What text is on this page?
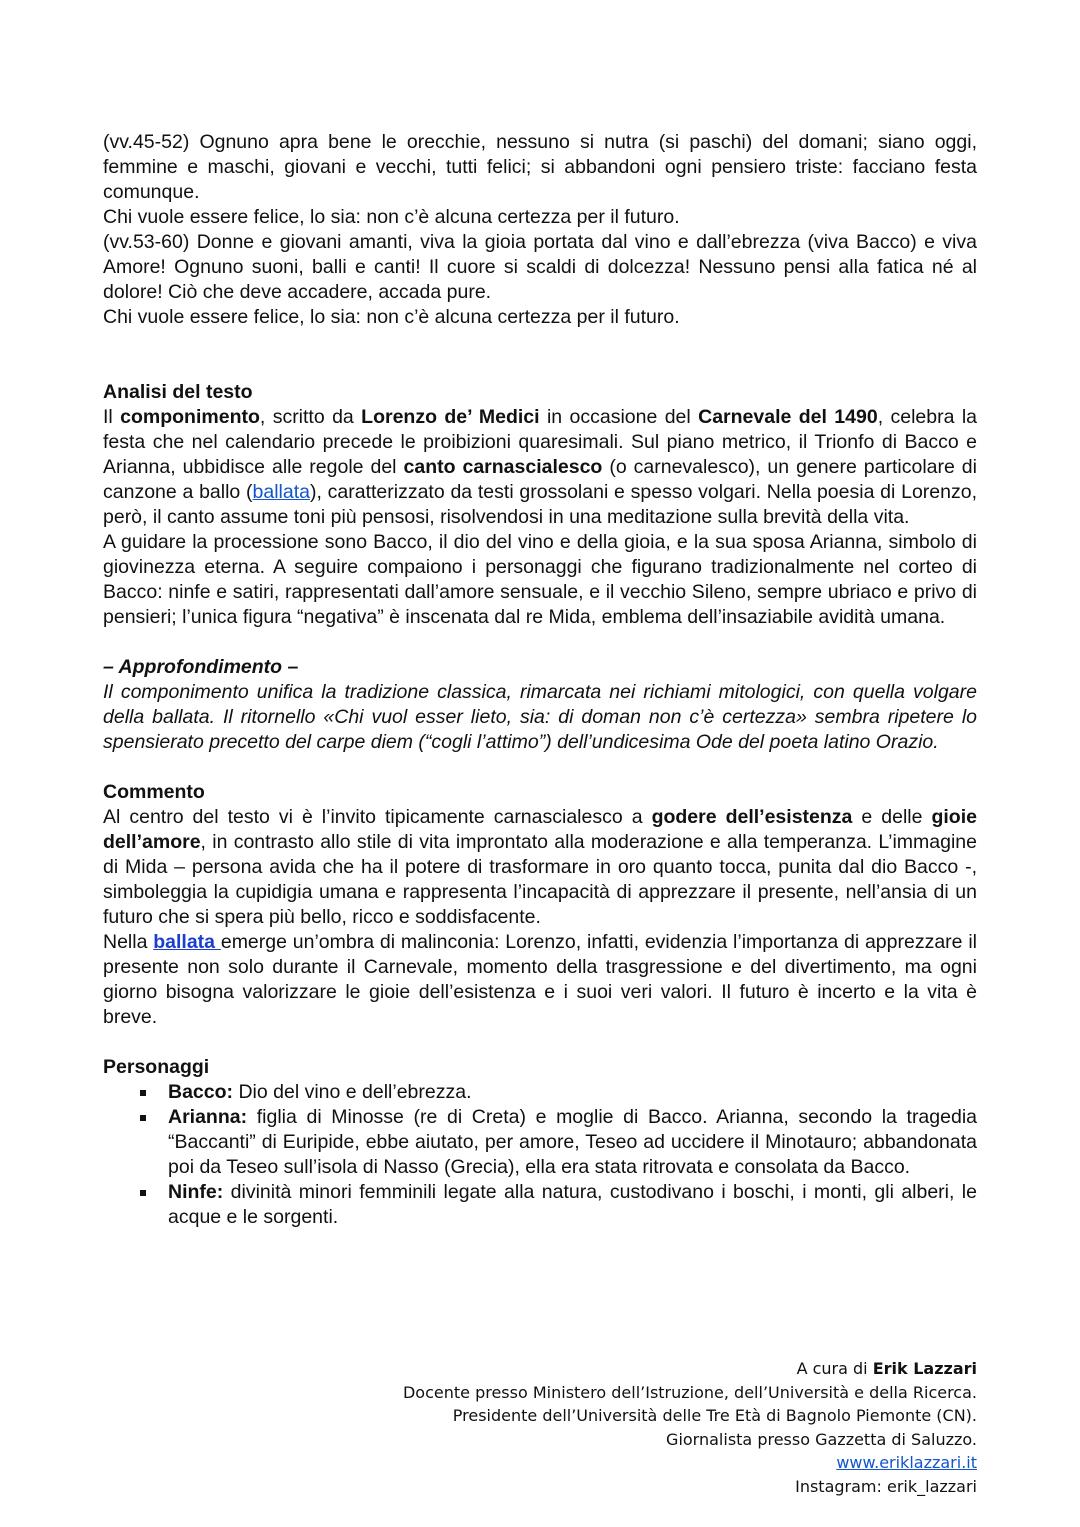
(vv.45-52) Ognuno apra bene le orecchie, nessuno si nutra (si paschi) del domani; siano oggi, femmine e maschi, giovani e vecchi, tutti felici; si abbandoni ogni pensiero triste: facciano festa comunque.

Chi vuole essere felice, lo sia: non c’è alcuna certezza per il futuro.

(vv.53-60) Donne e giovani amanti, viva la gioia portata dal vino e dall’ebrezza (viva Bacco) e viva Amore! Ognuno suoni, balli e canti! Il cuore si scaldi di dolcezza! Nessuno pensi alla fatica né al dolore! Ciò che deve accadere, accada pure.

Chi vuole essere felice, lo sia: non c’è alcuna certezza per il futuro.

Analisi del testo

Il componimento, scritto da Lorenzo de’ Medici in occasione del Carnevale del 1490, celebra la festa che nel calendario precede le proibizioni quaresimali. Sul piano metrico, il Trionfo di Bacco e Arianna, ubbidisce alle regole del canto carnascialesco (o carnevalesco), un genere particolare di canzone a ballo (ballata), caratterizzato da testi grossolani e spesso volgari. Nella poesia di Lorenzo, però, il canto assume toni più pensosi, risolvendosi in una meditazione sulla brevità della vita.

A guidare la processione sono Bacco, il dio del vino e della gioia, e la sua sposa Arianna, simbolo di giovinezza eterna. A seguire compaiono i personaggi che figurano tradizionalmente nel corteo di Bacco: ninfe e satiri, rappresentati dall’amore sensuale, e il vecchio Sileno, sempre ubriaco e privo di pensieri; l’unica figura “negativa” è inscenata dal re Mida, emblema dell’insaziabile avidità umana.

– Approfondimento –

Il componimento unifica la tradizione classica, rimarcata nei richiami mitologici, con quella volgare della ballata. Il ritornello «Chi vuol esser lieto, sia: di doman non c’è certezza» sembra ripetere lo spensierato precetto del carpe diem (“cogli l’attimo”) dell’undicesima Ode del poeta latino Orazio.

Commento

Al centro del testo vi è l’invito tipicamente carnascialesco a godere dell’esistenza e delle gioie dell’amore, in contrasto allo stile di vita improntato alla moderazione e alla temperanza. L’immagine di Mida – persona avida che ha il potere di trasformare in oro quanto tocca, punita dal dio Bacco -, simboleggia la cupidigia umana e rappresenta l’incapacità di apprezzare il presente, nell’ansia di un futuro che si spera più bello, ricco e soddisfacente.

Nella ballata emerge un’ombra di malinconia: Lorenzo, infatti, evidenzia l’importanza di apprezzare il presente non solo durante il Carnevale, momento della trasgressione e del divertimento, ma ogni giorno bisogna valorizzare le gioie dell’esistenza e i suoi veri valori. Il futuro è incerto e la vita è breve.

Personaggi

Bacco: Dio del vino e dell’ebrezza.
Arianna: figlia di Minosse (re di Creta) e moglie di Bacco. Arianna, secondo la tragedia “Baccanti” di Euripide, ebbe aiutato, per amore, Teseo ad uccidere il Minotauro; abbandonata poi da Teseo sull’isola di Nasso (Grecia), ella era stata ritrovata e consolata da Bacco.
Ninfe: divinità minori femminili legate alla natura, custodivano i boschi, i monti, gli alberi, le acque e le sorgenti.
A cura di Erik Lazzari
Docente presso Ministero dell’Istruzione, dell’Università e della Ricerca.
Presidente dell’Università delle Tre Età di Bagnolo Piemonte (CN).
Giornalista presso Gazzetta di Saluzzo.
www.eriklazzari.it
Instagram: erik_lazzari
